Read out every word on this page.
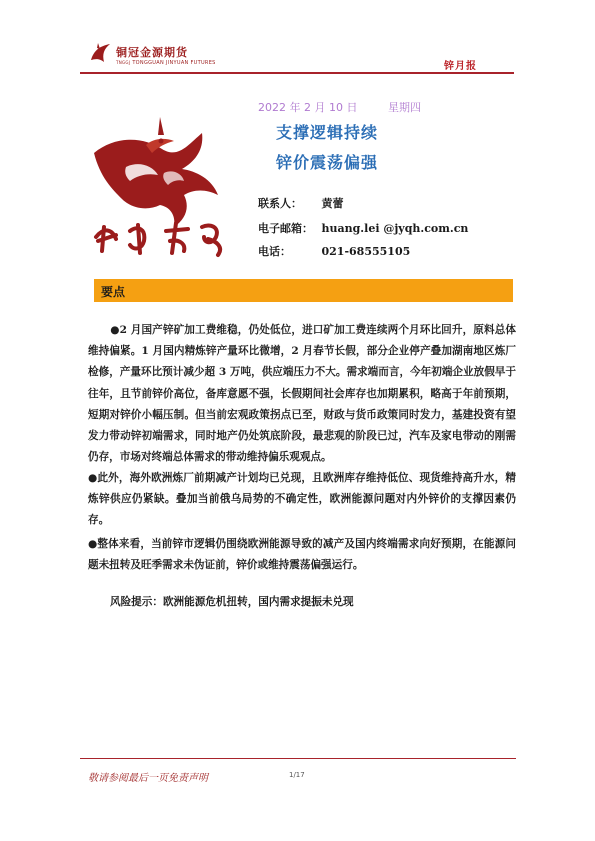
铜冠金源期货
TNGGJ TONGGUAN JINYUAN FUTURES	锌月报
2022 年 2 月 10 日	星期四
支撑逻辑持续
锌价震荡偏强
联系人： 黄蕾
电子邮箱： huang.lei @jyqh.com.cn
电话：	021-68555105
要点
●2 月国产锌矿加工费维稳，仍处低位，进口矿加工费连续两个月环比回升，原料总体维持偏紧。1 月国内精炼锌产量环比微增，2 月春节长假，部分企业停产叠加湖南地区炼厂检修，产量环比预计减少超 3 万吨，供应端压力不大。需求端而言，今年初端企业放假早于往年，且节前锌价高位，备库意愿不强，长假期间社会库存也加期累积，略高于年前预期，短期对锌价小幅压制。但当前宏观政策拐点已至，财政与货币政策同时发力，基建投资有望发力带动锌初端需求，同时地产仍处筑底阶段，最悲观的阶段已过，汽车及家电带动的刚需仍存，市场对终端总体需求的带动维持偏乐观观点。
●此外，海外欧洲炼厂前期减产计划均已兑现，且欧洲库存维持低位、现货维持高升水，精炼锌供应仍紧缺。叠加当前俄乌局势的不确定性，欧洲能源问题对内外锌价的支撑因素仍存。
●整体来看，当前锌市逻辑仍围绕欧洲能源导致的减产及国内终端需求向好预期，在能源问题未扭转及旺季需求未伪证前，锌价或维持震荡偏强运行。
风险提示：欧洲能源危机扭转，国内需求提振未兑现
敬请参阅最后一页免责声明	1/17
